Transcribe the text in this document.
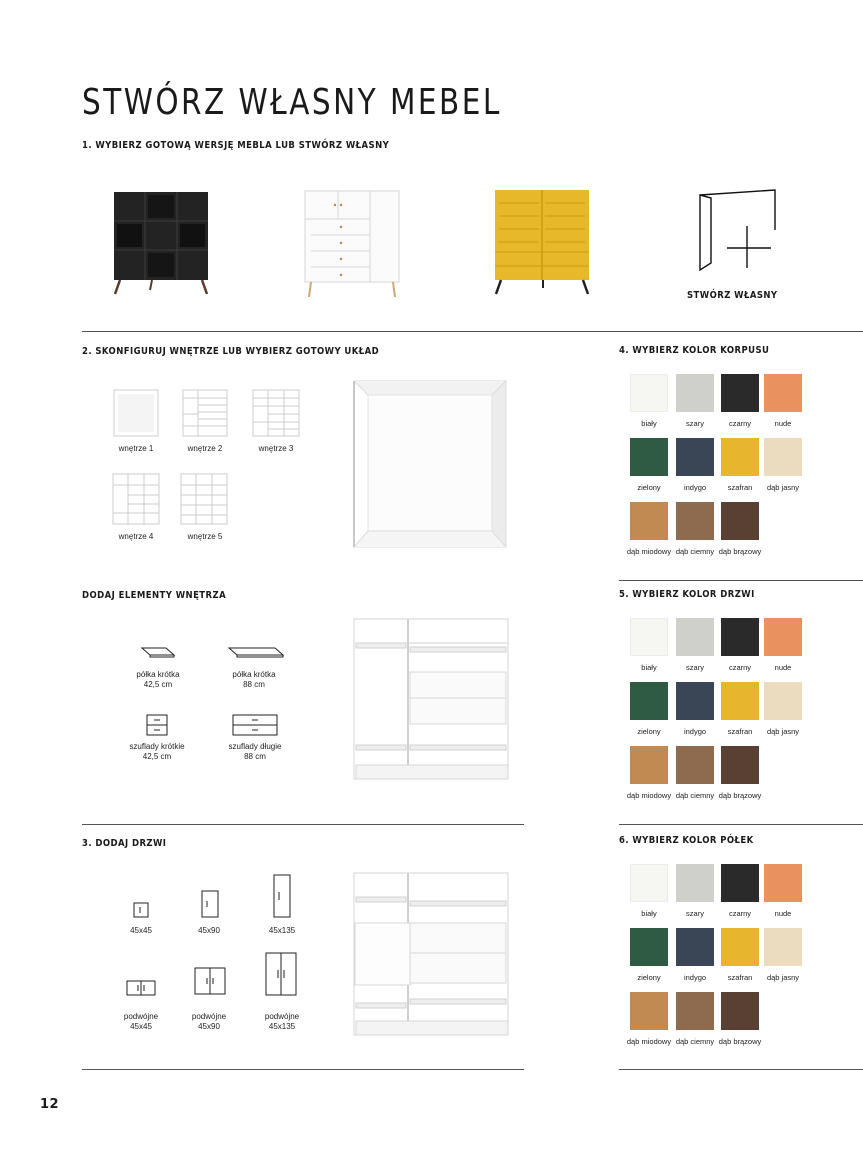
STWÓRZ WŁASNY MEBEL
1. WYBIERZ GOTOWĄ WERSJĘ MEBLA LUB STWÓRZ WŁASNY
STWÓRZ WŁASNY
2. SKONFIGURUJ WNĘTRZE LUB WYBIERZ GOTOWY UKŁAD
wnętrze 1	wnętrze 2	wnętrze 3
wnętrze 4	wnętrze 5
DODAJ ELEMENTY WNĘTRZA
półka krótka
42,5 cm
półka krótka
88 cm
szuflady krótkie
42,5 cm
szuflady długie
88 cm
3. DODAJ DRZWI
45x45	45x90	45x135
podwójne
45x45
podwójne
45x90
podwójne
45x135
4. WYBIERZ KOLOR KORPUSU
biały	szary	czarny	nude
zielony	indygo	szafran	dąb jasny
dąb miodowy dąb ciemny dąb brązowy
5. WYBIERZ KOLOR DRZWI
biały	szary	czarny	nude
zielony	indygo	szafran	dąb jasny
dąb miodowy dąb ciemny dąb brązowy
6. WYBIERZ KOLOR PÓŁEK
biały	szary	czarny	nude
zielony	indygo	szafran	dąb jasny
dąb miodowy dąb ciemny dąb brązowy
12
